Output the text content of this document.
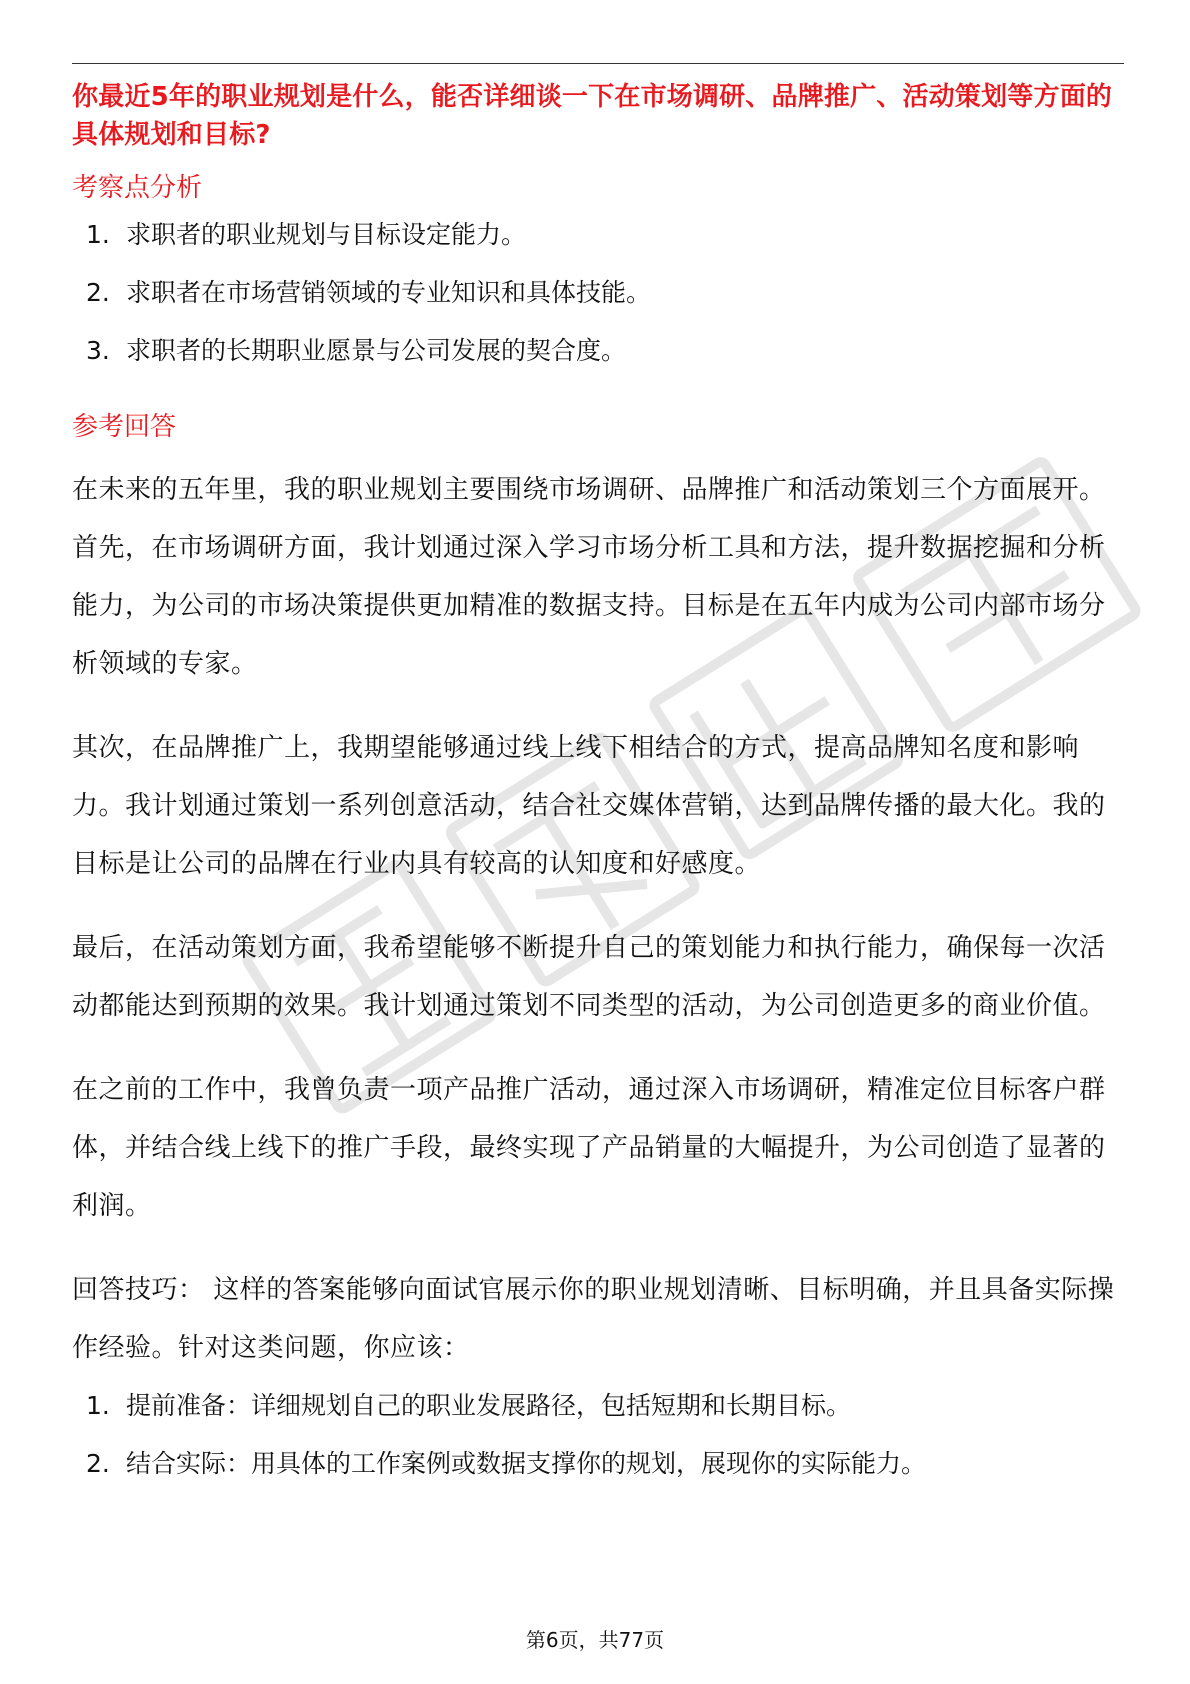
你最近5年的职业规划是什么，能否详细谈一下在市场调研、品牌推广、活动策划等方面的具体规划和目标?

考察点分析
1. 求职者的职业规划与目标设定能力。
2. 求职者在市场营销领域的专业知识和具体技能。
3. 求职者的长期职业愿景与公司发展的契合度。
参考回答

在未来的五年里，我的职业规划主要围绕市场调研、品牌推广和活动策划三个方面展开。首先，在市场调研方面，我计划通过深入学习市场分析工具和方法，提升数据挖掘和分析能力，为公司的市场决策提供更加精准的数据支持。目标是在五年内成为公司内部市场分析领域的专家。

其次，在品牌推广上，我期望能够通过线上线下相结合的方式，提高品牌知名度和影响力。我计划通过策划一系列创意活动，结合社交媒体营销，达到品牌传播的最大化。我的目标是让公司的品牌在行业内具有较高的认知度和好感度。

最后，在活动策划方面，我希望能够不断提升自己的策划能力和执行能力，确保每一次活动都能达到预期的效果。我计划通过策划不同类型的活动，为公司创造更多的商业价值。

在之前的工作中，我曾负责一项产品推广活动，通过深入市场调研，精准定位目标客户群体，并结合线上线下的推广手段，最终实现了产品销量的大幅提升，为公司创造了显著的利润。

回答技巧： 这样的答案能够向面试官展示你的职业规划清晰、目标明确，并且具备实际操作经验。针对这类问题，你应该：

1. 提前准备：详细规划自己的职业发展路径，包括短期和长期目标。
2. 结合实际：用具体的工作案例或数据支撑你的规划，展现你的实际能力。
第6页，共77页
